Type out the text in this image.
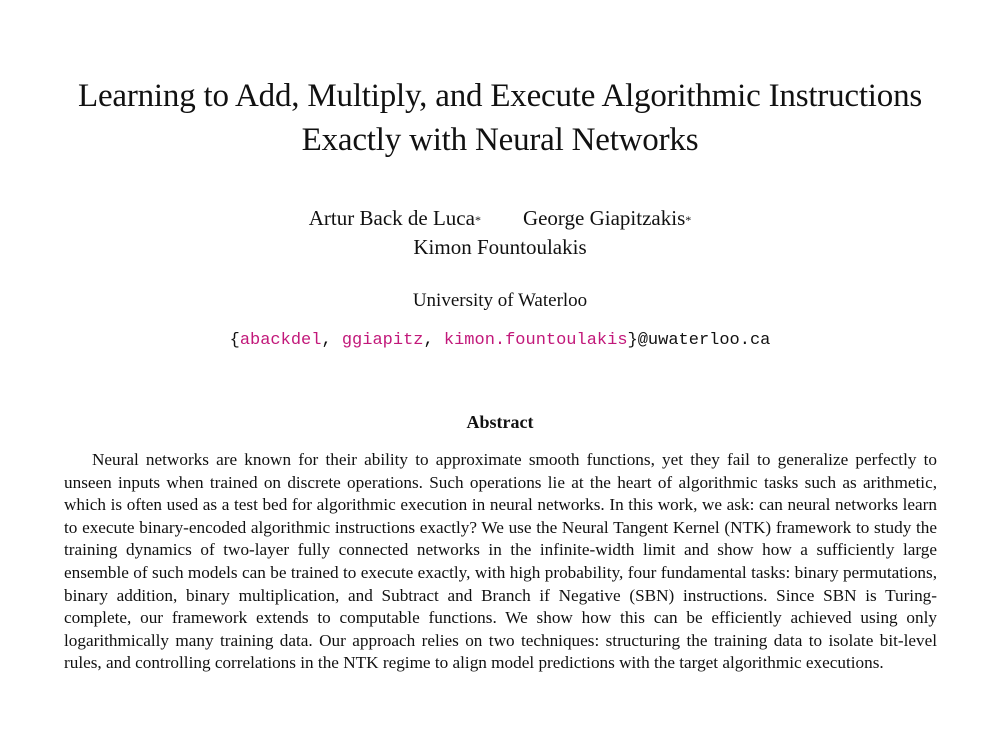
Learning to Add, Multiply, and Execute Algorithmic Instructions
Exactly with Neural Networks
Artur Back de Luca* George Giapitzakis*
Kimon Fountoulakis
University of Waterloo
{abackdel, ggiapitz, kimon.fountoulakis}@uwaterloo.ca
Abstract

Neural networks are known for their ability to approximate smooth functions, yet they fail to generalize perfectly to unseen inputs when trained on discrete operations. Such operations lie at the heart of algorithmic tasks such as arithmetic, which is often used as a test bed for algorithmic execution in neural networks. In this work, we ask: can neural networks learn to execute binary-encoded algorithmic instructions exactly? We use the Neural Tangent Kernel (NTK) framework to study the training dynamics of two-layer fully connected networks in the infinite-width limit and show how a sufficiently large ensemble of such models can be trained to execute exactly, with high probability, four fundamental tasks: binary permutations, binary addition, binary multiplication, and Subtract and Branch if Negative (SBN) instructions. Since SBN is Turing-complete, our framework extends to computable functions. We show how this can be efficiently achieved using only logarithmically many training data. Our approach relies on two techniques: structuring the training data to isolate bit-level rules, and controlling correlations in the NTK regime to align model predictions with the target algorithmic executions.
